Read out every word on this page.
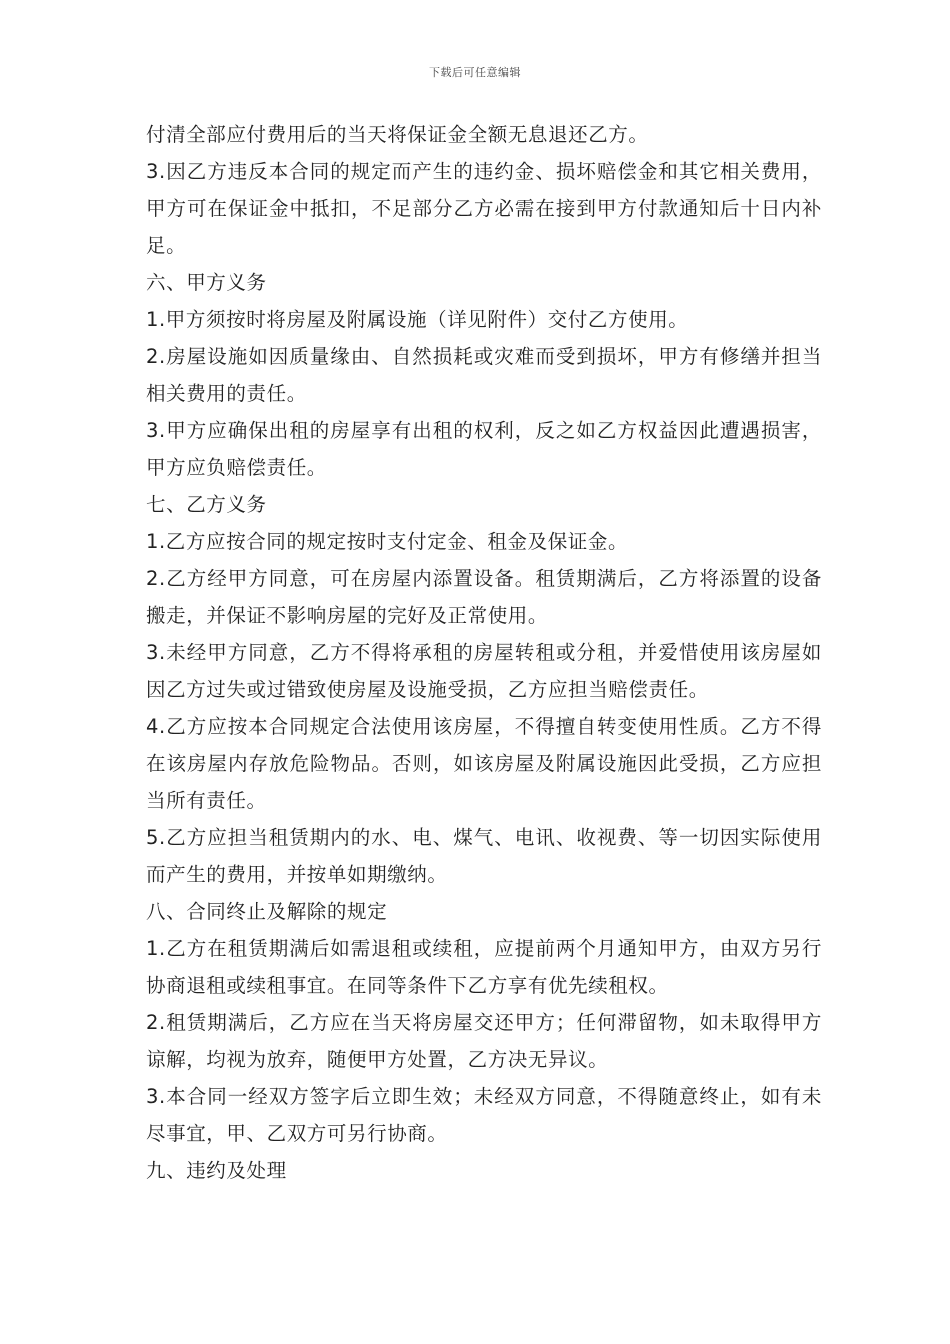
下载后可任意编辑

付清全部应付费用后的当天将保证金全额无息退还乙方。

3.因乙方违反本合同的规定而产生的违约金、损坏赔偿金和其它相关费用，甲方可在保证金中抵扣，不足部分乙方必需在接到甲方付款通知后十日内补足。

六、甲方义务

1.甲方须按时将房屋及附属设施（详见附件）交付乙方使用。

2.房屋设施如因质量缘由、自然损耗或灾难而受到损坏，甲方有修缮并担当相关费用的责任。

3.甲方应确保出租的房屋享有出租的权利，反之如乙方权益因此遭遇损害，甲方应负赔偿责任。

七、乙方义务

1.乙方应按合同的规定按时支付定金、租金及保证金。

2.乙方经甲方同意，可在房屋内添置设备。租赁期满后，乙方将添置的设备搬走，并保证不影响房屋的完好及正常使用。

3.未经甲方同意，乙方不得将承租的房屋转租或分租，并爱惜使用该房屋如因乙方过失或过错致使房屋及设施受损，乙方应担当赔偿责任。

4.乙方应按本合同规定合法使用该房屋，不得擅自转变使用性质。乙方不得在该房屋内存放危险物品。否则，如该房屋及附属设施因此受损，乙方应担当所有责任。

5.乙方应担当租赁期内的水、电、煤气、电讯、收视费、等一切因实际使用而产生的费用，并按单如期缴纳。

八、合同终止及解除的规定

1.乙方在租赁期满后如需退租或续租，应提前两个月通知甲方，由双方另行协商退租或续租事宜。在同等条件下乙方享有优先续租权。

2.租赁期满后，乙方应在当天将房屋交还甲方；任何滞留物，如未取得甲方谅解，均视为放弃，随便甲方处置，乙方决无异议。

3.本合同一经双方签字后立即生效；未经双方同意，不得随意终止，如有未尽事宜，甲、乙双方可另行协商。

九、违约及处理
